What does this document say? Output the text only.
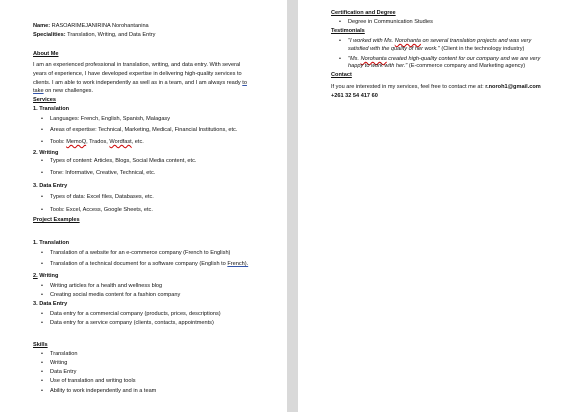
Name: RASOARIMEJANIRINA Norohantanina
Specialities: Translation, Writing, and Data Entry
About Me
I am an experienced professional in translation, writing, and data entry. With several
years of experience, I have developed expertise in delivering high-quality services to
clients. I am able to work independently as well as in a team, and I am always ready to
take on new challenges.
Services
1. Translation
• Languages: French, English, Spanish, Malagasy
• Areas of expertise: Technical, Marketing, Medical, Financial Institutions, etc.
• Tools: MemoQ, Trados, Wordfast, etc.
2. Writing
• Types of content: Articles, Blogs, Social Media content, etc.
• Tone: Informative, Creative, Technical, etc.
3. Data Entry
• Types of data: Excel files, Databases, etc.
• Tools: Excel, Access, Google Sheets, etc.
Project Examples
1. Translation
• Translation of a website for an e-commerce company (French to English)
• Translation of a technical document for a software company (English to French).
2. Writing
• Writing articles for a health and wellness blog
• Creating social media content for a fashion company
3. Data Entry
• Data entry for a commercial company (products, prices, descriptions)
• Data entry for a service company (clients, contacts, appointments)
Skills
• Translation
• Writing
• Data Entry
• Use of translation and writing tools
• Ability to work independently and in a team
Certification and Degree
• Degree in Communication Studies
Testimonials
• "I worked with Ms. Norohanta on several translation projects and was very
satisfied with the quality of her work." (Client in the technology industry)
• "Ms. Norohanta created high-quality content for our company and we are very
happy to work with her." (E-commerce company and Marketing agency)
Contact
If you are interested in my services, feel free to contact me at: r.noroh1@gmail.com
+261 32 54 417 60
